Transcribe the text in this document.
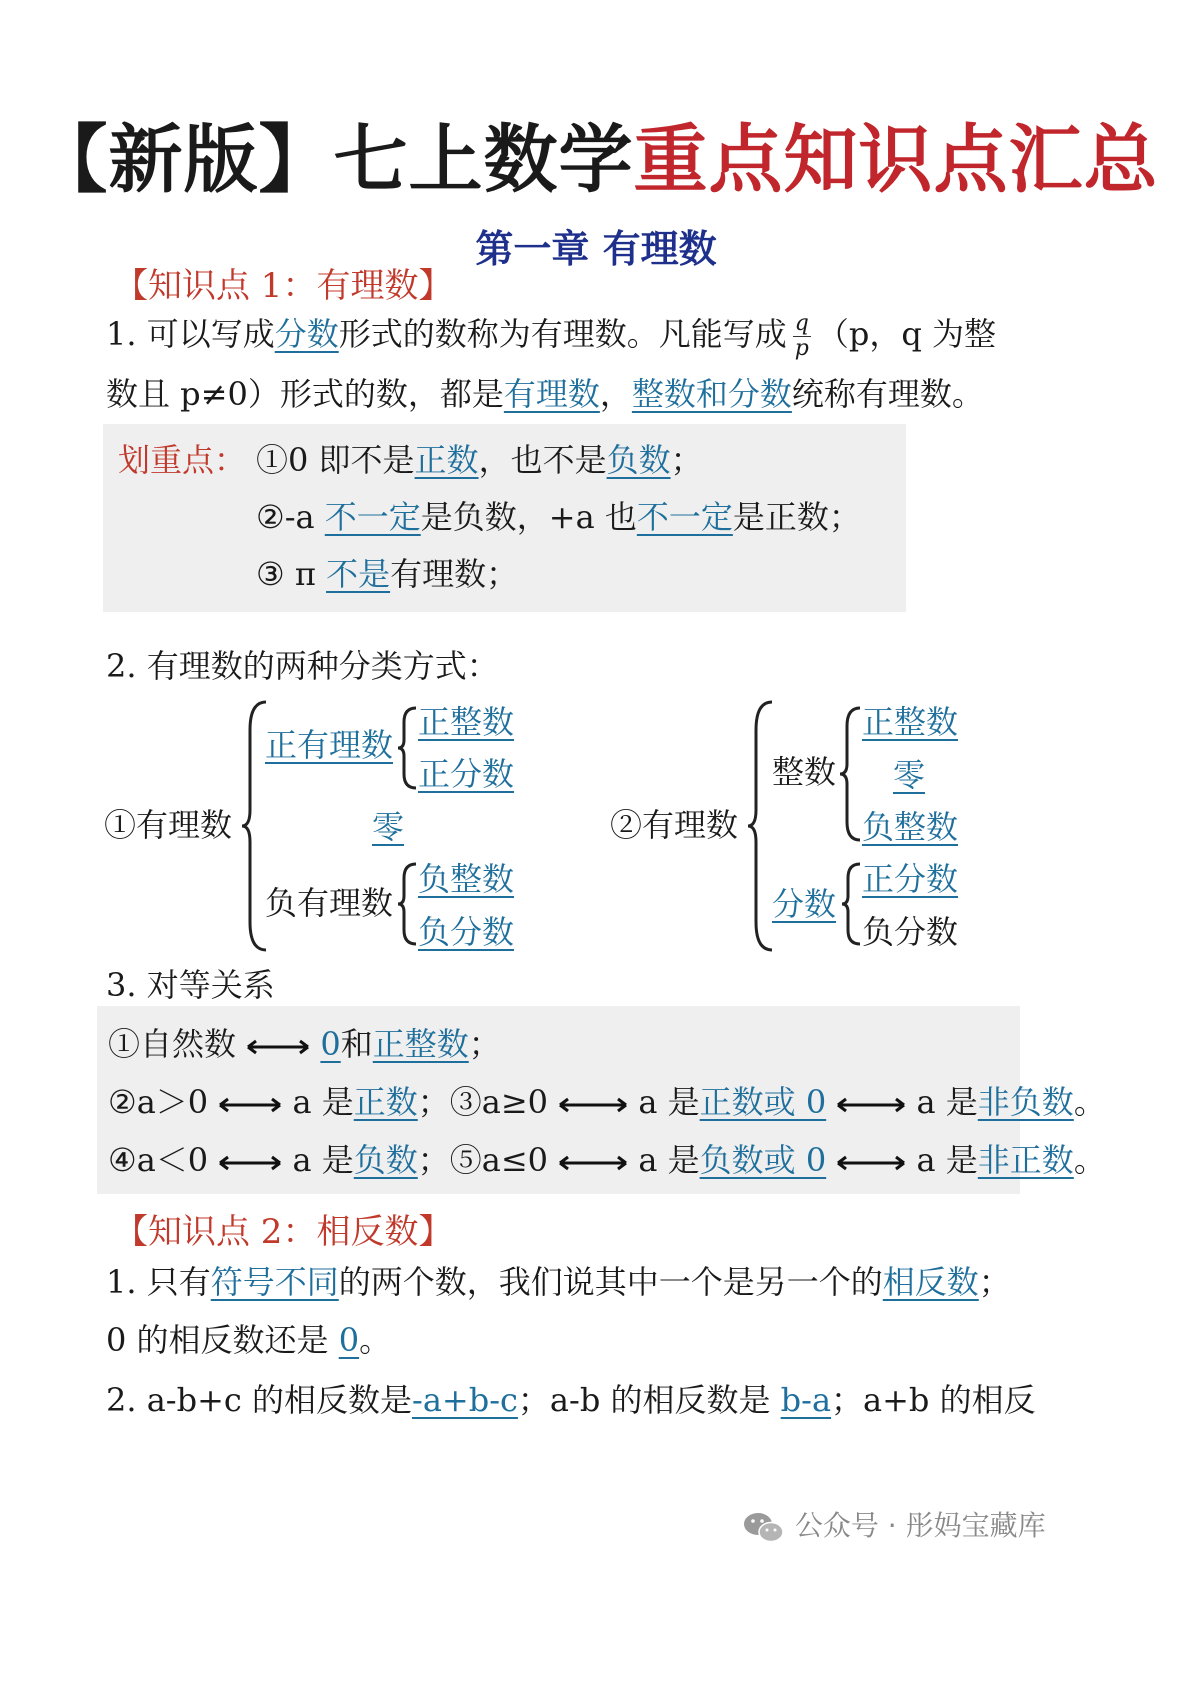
【新版】七上数学重点知识点汇总
第一章 有理数
【知识点 1：有理数】
1. 可以写成分数形式的数称为有理数。凡能写成 $\frac{q}{p} (p$，q 为整
数且 p≠0）形式的数，都是有理数，整数和分数统称有理数。
划重点： ①0 即不是正数，也不是负数；
②-a 不一定是负数，+a 也不一定是正数；
③ π 不是有理数；
2. 有理数的两种分类方式：
①有理数
正有理数
正整数
正分数
零
负有理数
负整数
负分数
②有理数
整数
正整数
零
负整数
分数
正分数
负分数
3. 对等关系
①自然数	0和正整数；
②a＞0	a 是正数；③a≥0	a 是正数或 0	a 是非负数。
④a＜0	a 是负数；⑤a≤0	a 是负数或 0	a 是非正数。
【知识点 2：相反数】
1. 只有符号不同的两个数，我们说其中一个是另一个的相反数；
0 的相反数还是 0。
2. a-b+c 的相反数是-a+b-c；a-b 的相反数是 b-a；a+b 的相反
公众号 · 彤妈宝藏库
